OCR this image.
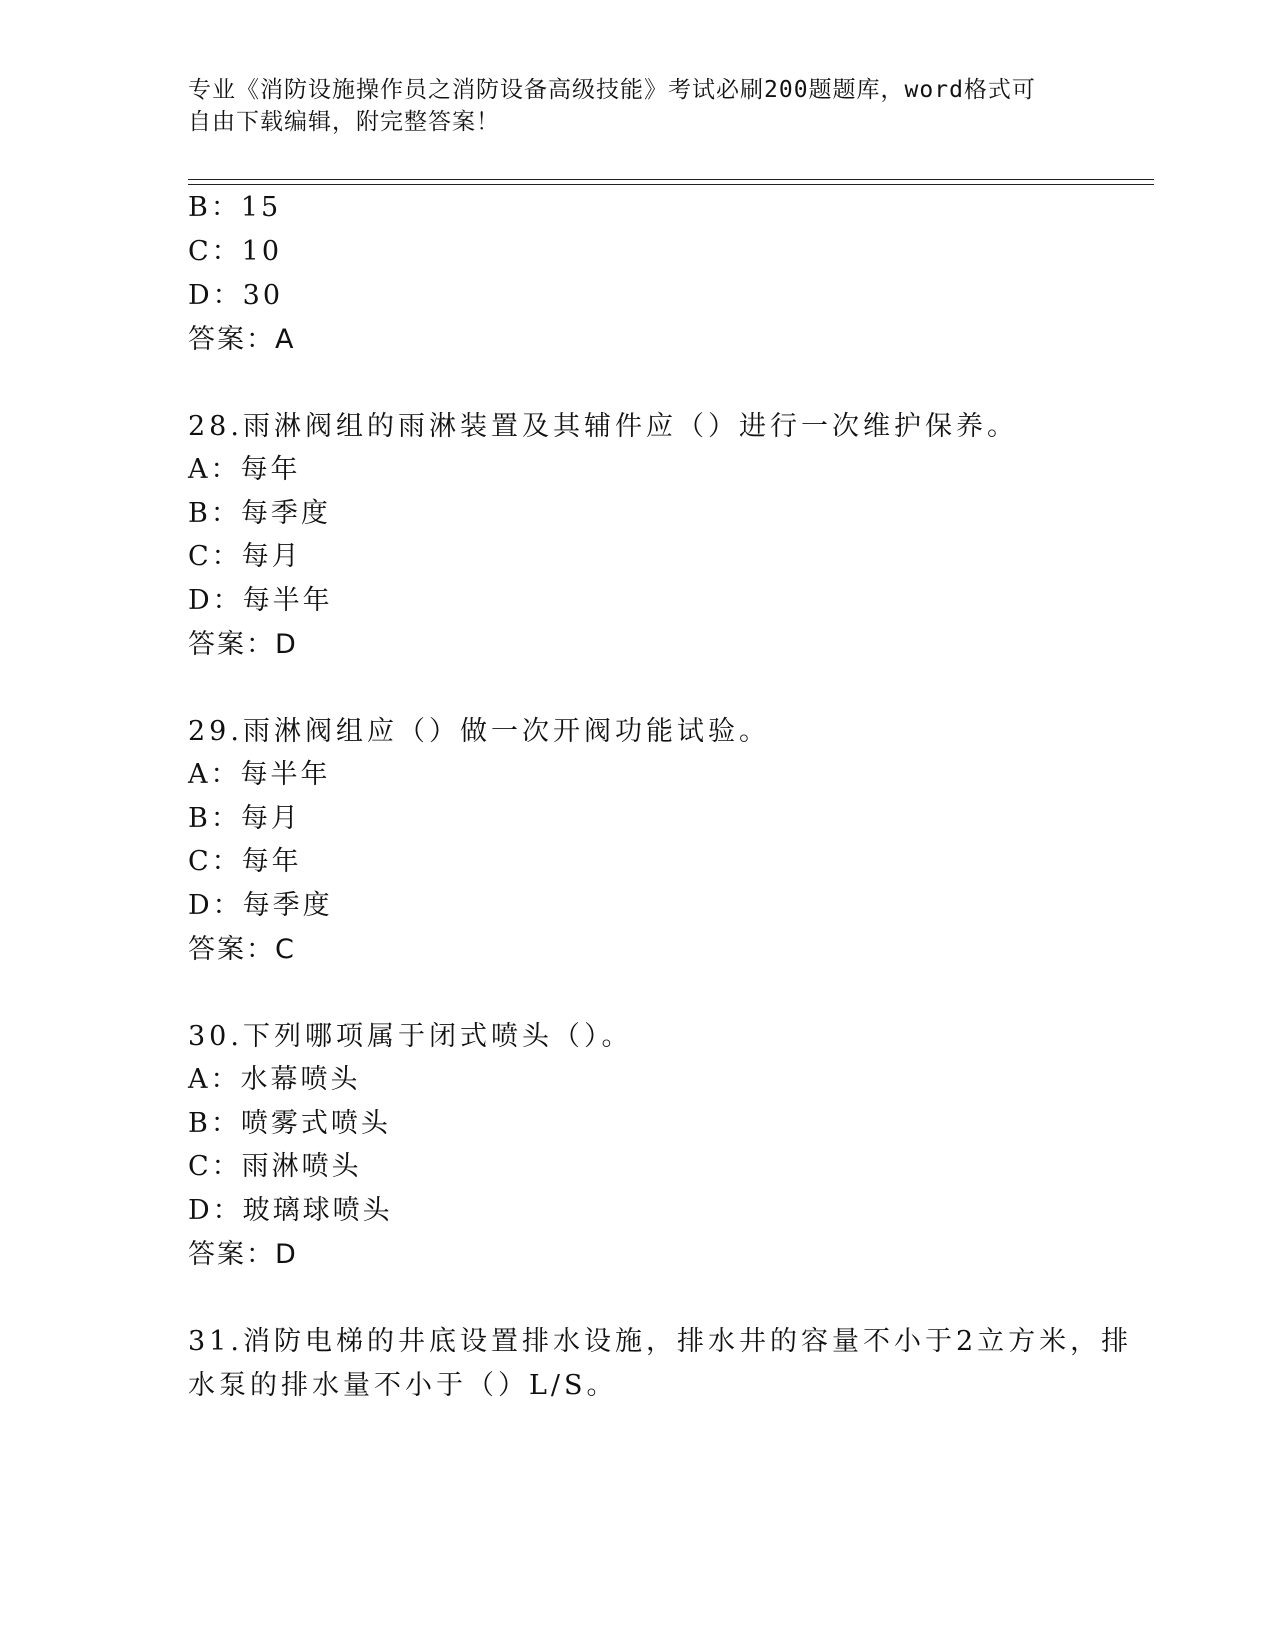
专业《消防设施操作员之消防设备高级技能》考试必刷200题题库，word格式可
自由下载编辑，附完整答案！
B：15
C：10
D：30
答案：A
28.雨淋阀组的雨淋装置及其辅件应（）进行一次维护保养。
A：每年
B：每季度
C：每月
D：每半年
答案：D
29.雨淋阀组应（）做一次开阀功能试验。
A：每半年
B：每月
C：每年
D：每季度
答案：C
30.下列哪项属于闭式喷头（）。
A：水幕喷头
B：喷雾式喷头
C：雨淋喷头
D：玻璃球喷头
答案：D
31.消防电梯的井底设置排水设施，排水井的容量不小于2立方米，排
水泵的排水量不小于（）L/S。
